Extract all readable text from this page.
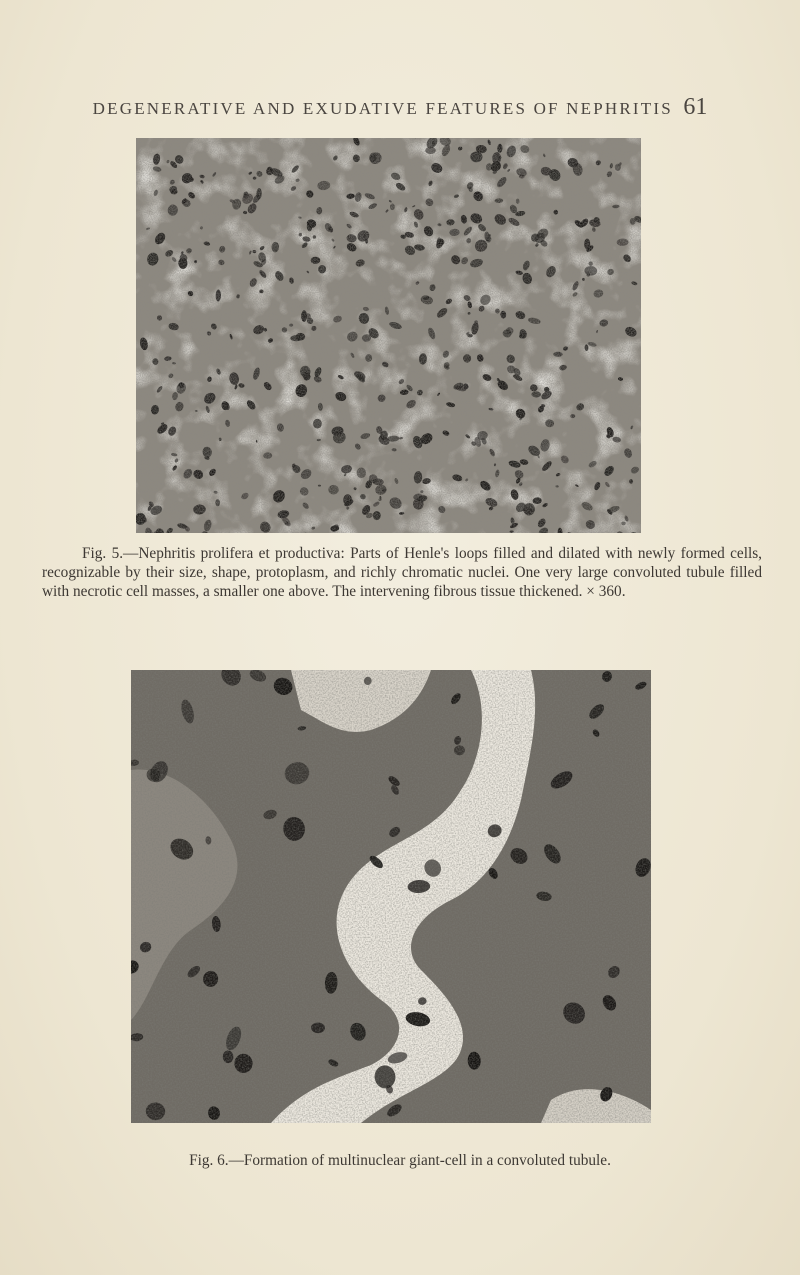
DEGENERATIVE AND EXUDATIVE FEATURES OF NEPHRITIS 61
Fig. 5.—Nephritis prolifera et productiva: Parts of Henle's loops filled and dilated with newly formed cells, recognizable by their size, shape, protoplasm, and richly chromatic nuclei. One very large convoluted tubule filled with necrotic cell masses, a smaller one above. The intervening fibrous tissue thickened. × 360.
Fig. 6.—Formation of multinuclear giant-cell in a convoluted tubule.
